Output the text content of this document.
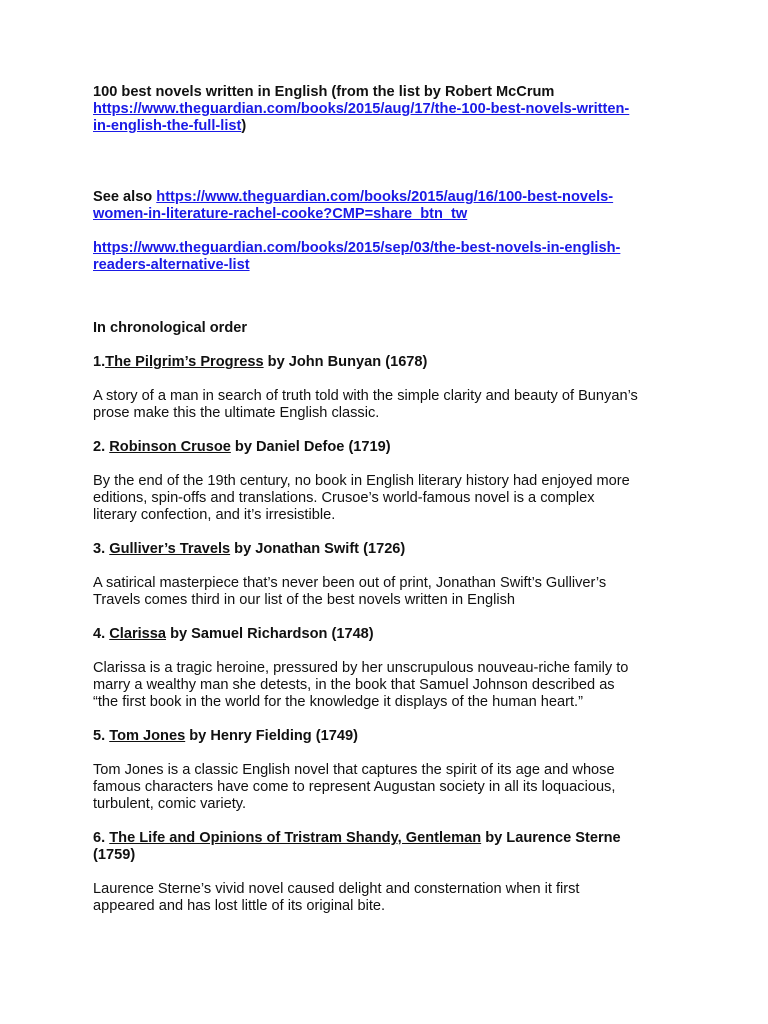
100 best novels written in English (from the list by Robert McCrum

https://www.theguardian.com/books/2015/aug/17/the-100-best-novels-written-
in-english-the-full-list)

See also https://www.theguardian.com/books/2015/aug/16/100-best-novels-
women-in-literature-rachel-cooke?CMP=share_btn_tw

https://www.theguardian.com/books/2015/sep/03/the-best-novels-in-english-
readers-alternative-list

In chronological order

1.The Pilgrim’s Progress by John Bunyan (1678)

A story of a man in search of truth told with the simple clarity and beauty of Bunyan’s
prose make this the ultimate English classic.

2. Robinson Crusoe by Daniel Defoe (1719)

By the end of the 19th century, no book in English literary history had enjoyed more
editions, spin-offs and translations. Crusoe’s world-famous novel is a complex
literary confection, and it’s irresistible.

3. Gulliver’s Travels by Jonathan Swift (1726)

A satirical masterpiece that’s never been out of print, Jonathan Swift’s Gulliver’s
Travels comes third in our list of the best novels written in English

4. Clarissa by Samuel Richardson (1748)

Clarissa is a tragic heroine, pressured by her unscrupulous nouveau-riche family to
marry a wealthy man she detests, in the book that Samuel Johnson described as
“the first book in the world for the knowledge it displays of the human heart.”

5. Tom Jones by Henry Fielding (1749)

Tom Jones is a classic English novel that captures the spirit of its age and whose
famous characters have come to represent Augustan society in all its loquacious,
turbulent, comic variety.

6. The Life and Opinions of Tristram Shandy, Gentleman by Laurence Sterne
(1759)

Laurence Sterne’s vivid novel caused delight and consternation when it first
appeared and has lost little of its original bite.
